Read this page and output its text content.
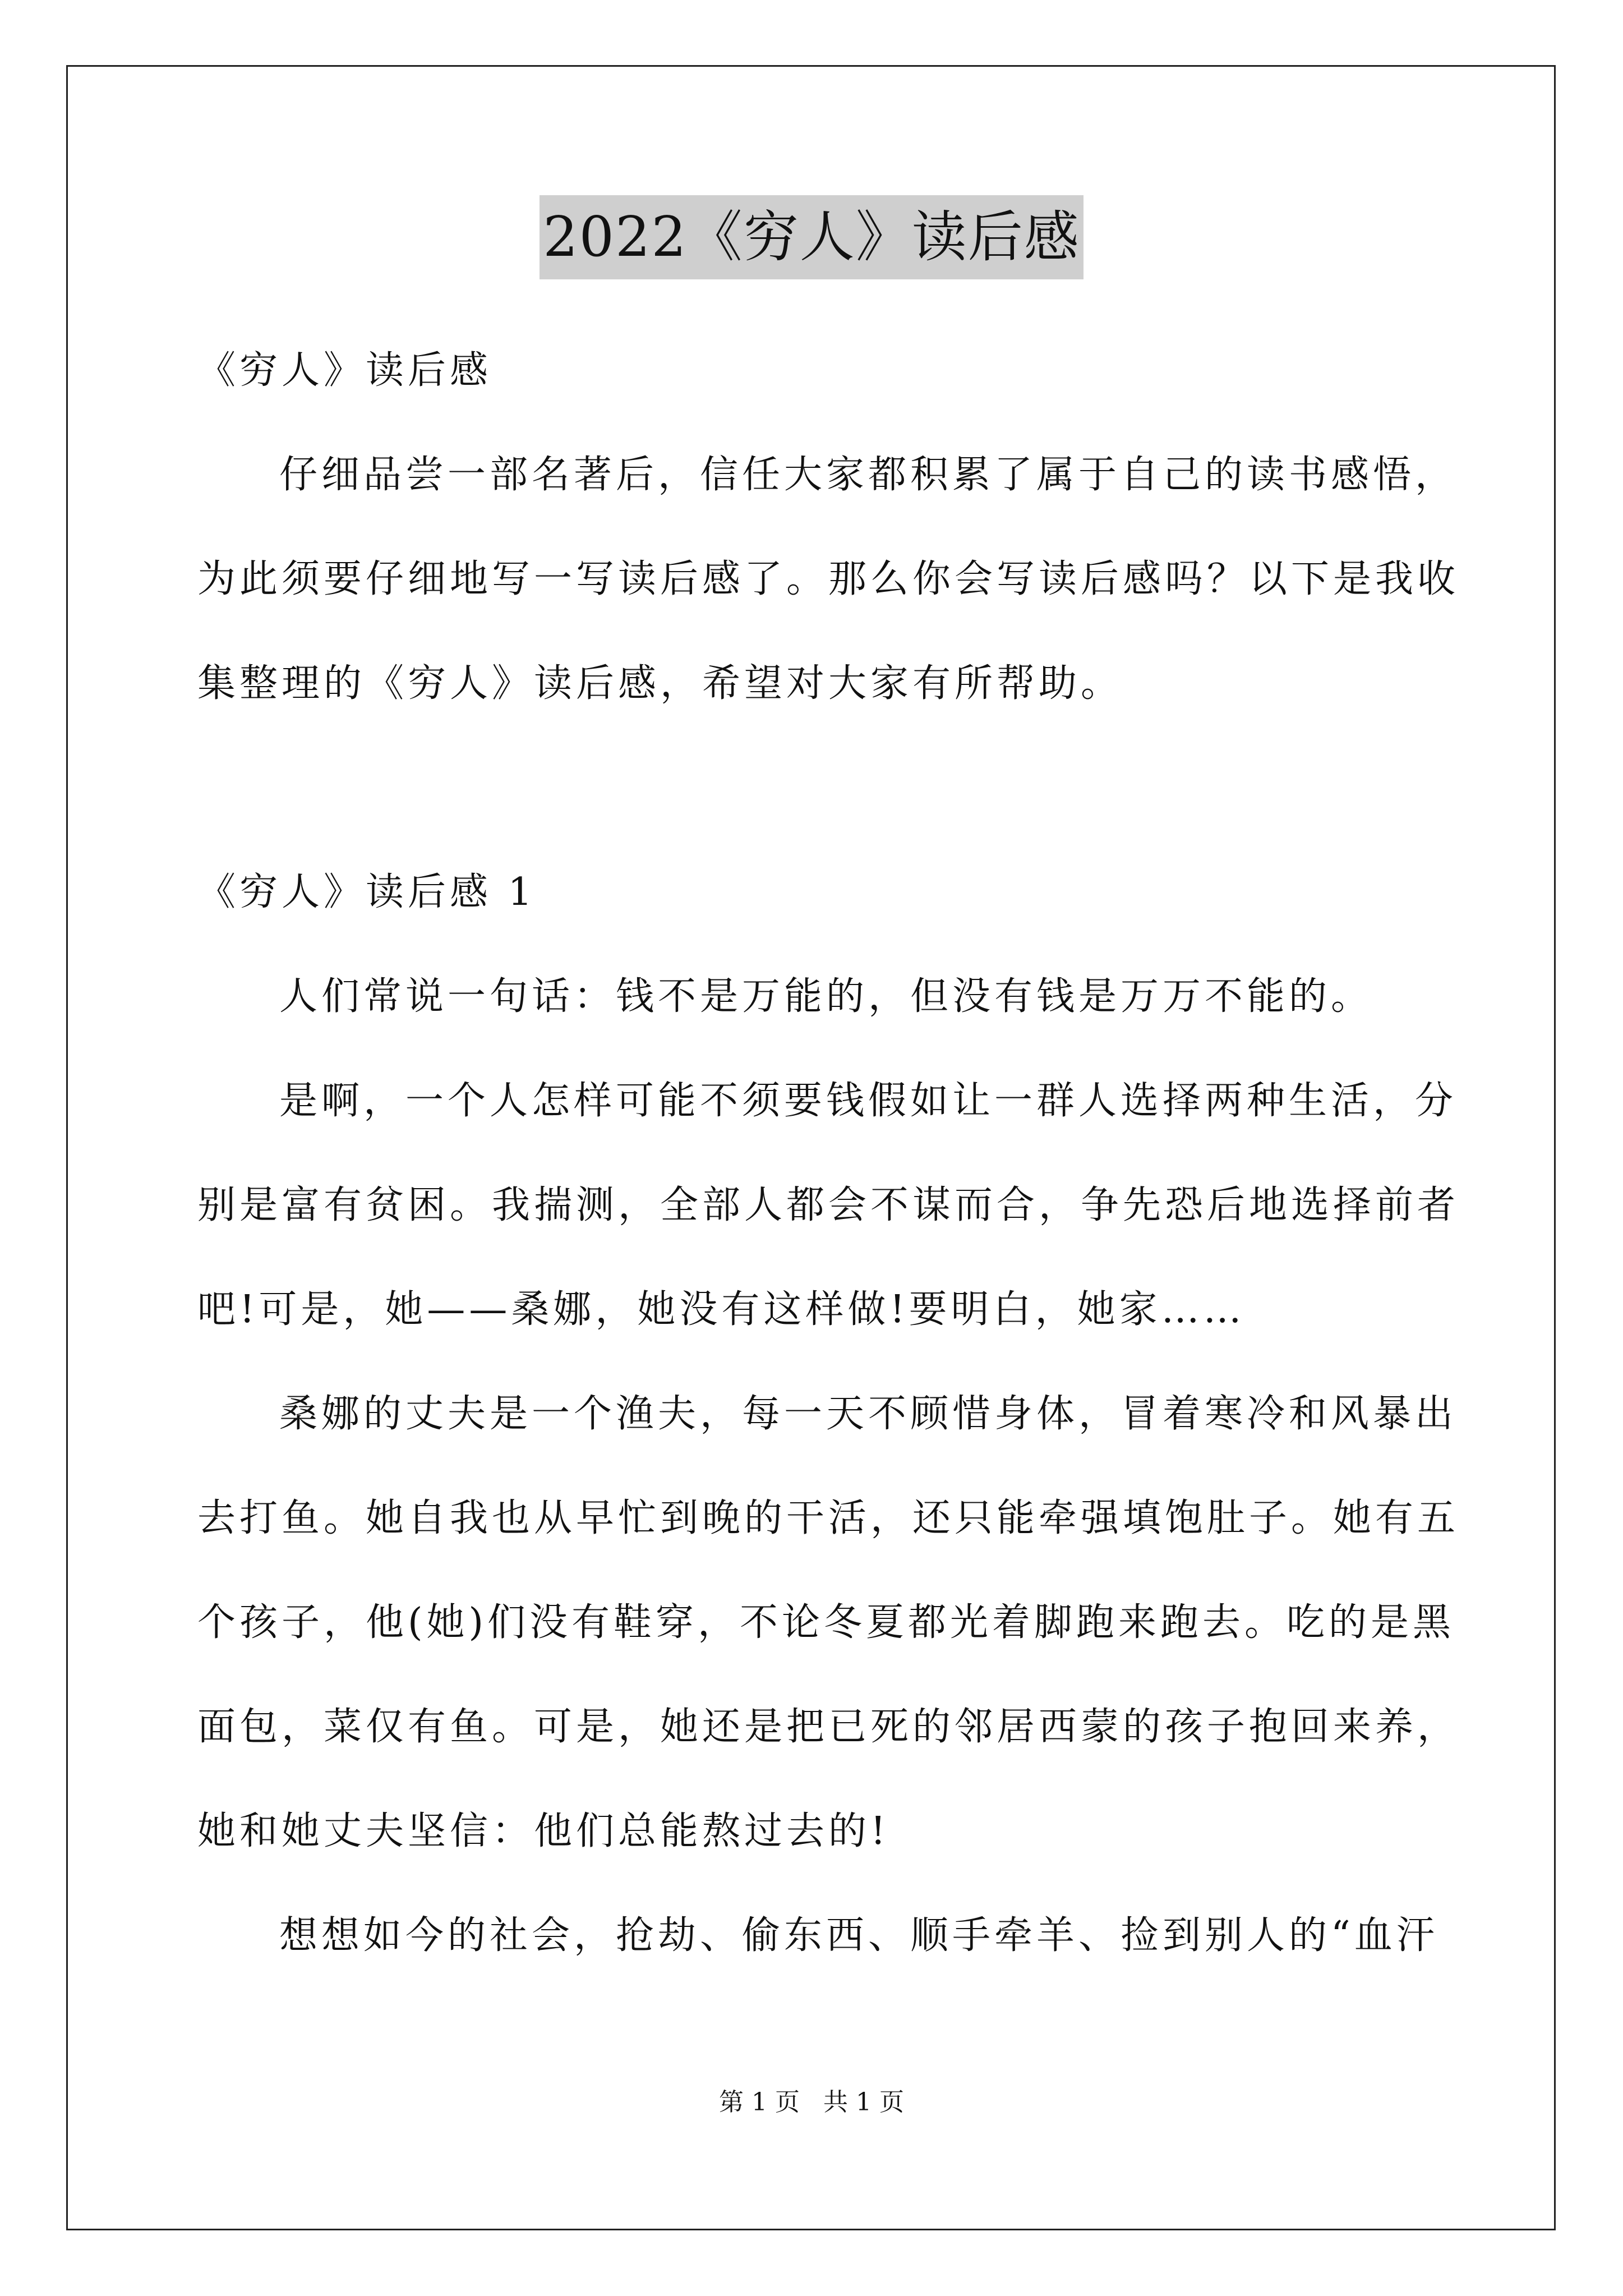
2022《穷人》读后感
《穷人》读后感
仔细品尝一部名著后，信任大家都积累了属于自己的读书感悟，
为此须要仔细地写一写读后感了。那么你会写读后感吗？以下是我收
集整理的《穷人》读后感，希望对大家有所帮助。
《穷人》读后感 1
人们常说一句话：钱不是万能的，但没有钱是万万不能的。
是啊，一个人怎样可能不须要钱假如让一群人选择两种生活，分
别是富有贫困。我揣测，全部人都会不谋而合，争先恐后地选择前者
吧!可是，她——桑娜，她没有这样做!要明白，她家……
桑娜的丈夫是一个渔夫，每一天不顾惜身体，冒着寒冷和风暴出
去打鱼。她自我也从早忙到晚的干活，还只能牵强填饱肚子。她有五
个孩子，他(她)们没有鞋穿，不论冬夏都光着脚跑来跑去。吃的是黑
面包，菜仅有鱼。可是，她还是把已死的邻居西蒙的孩子抱回来养，
她和她丈夫坚信：他们总能熬过去的!
想想如今的社会，抢劫、偷东西、顺手牵羊、捡到别人的“血汗
第 1 页 共 1 页
